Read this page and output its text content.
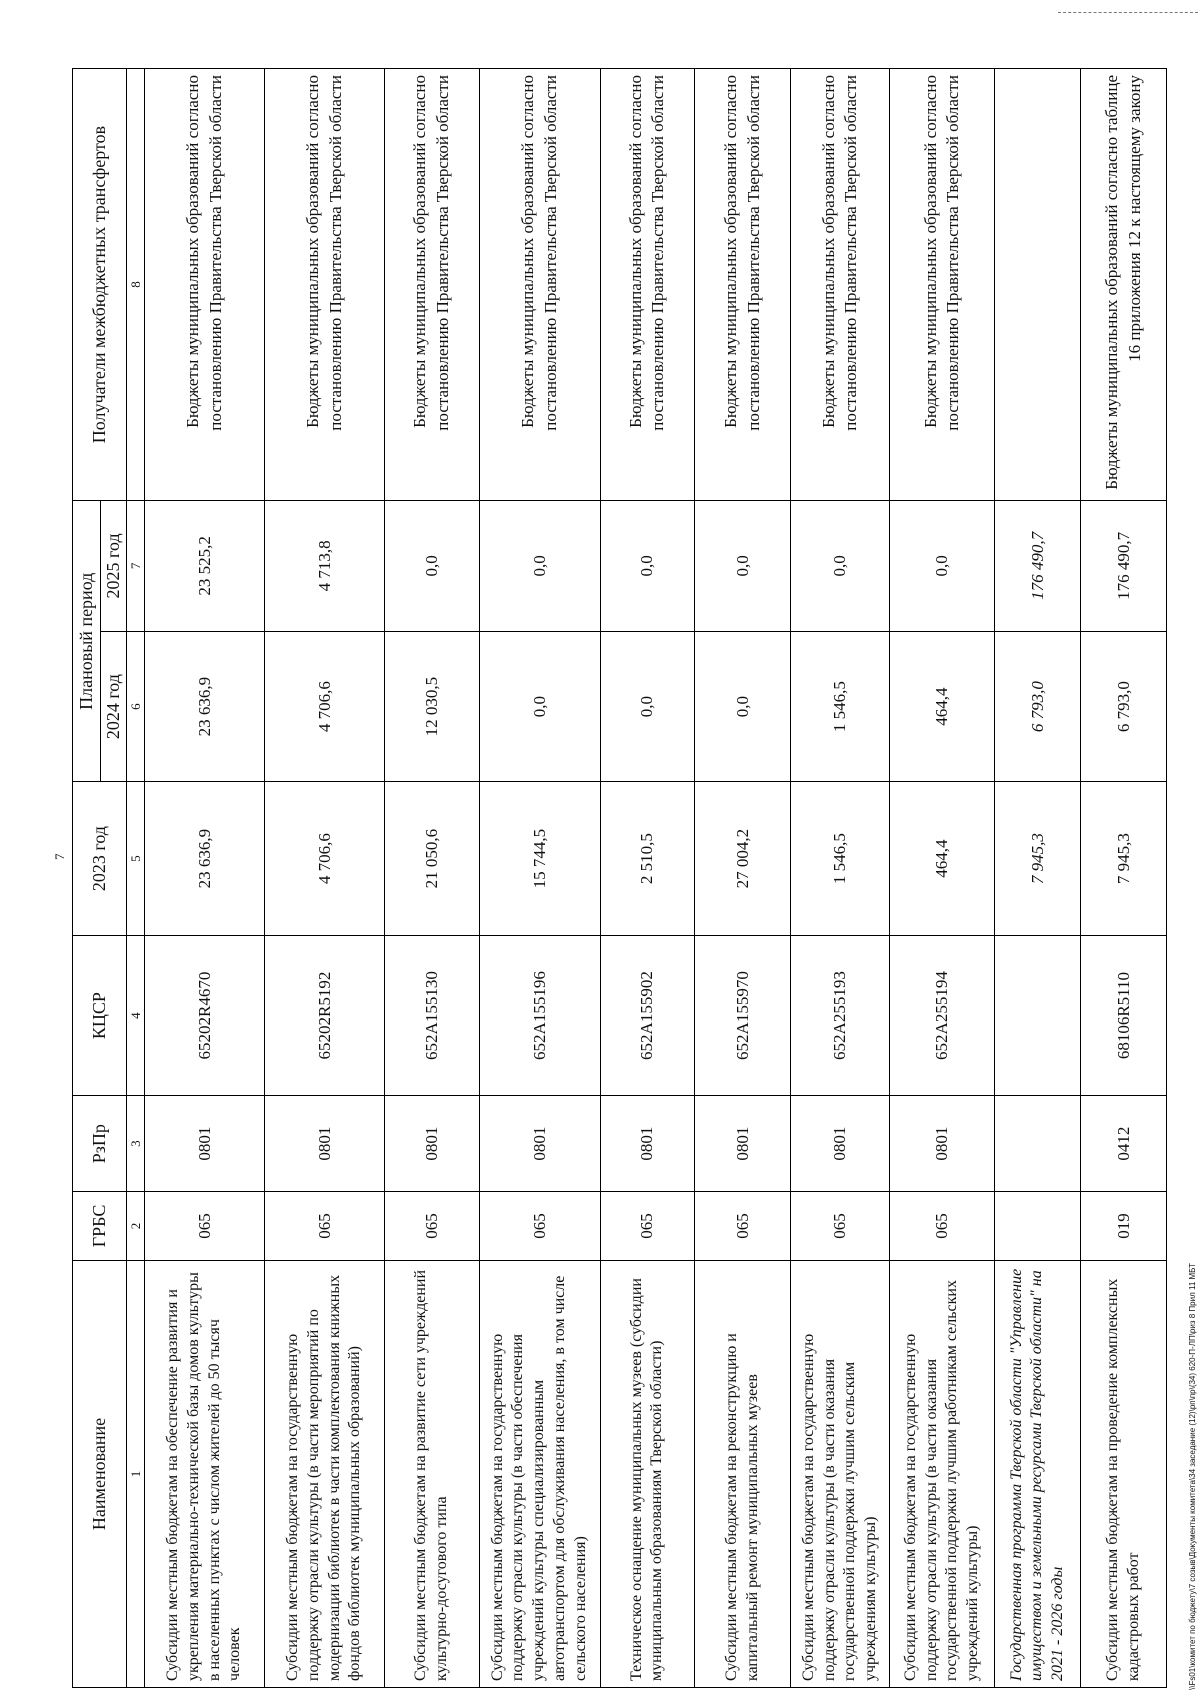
7
Наименование	ГРБС	РзПр	КЦСР	2023 год	Плановый период		Получатели межбюджетных трансфертов
					2024 год	2025 год	
1	2	3	4	5	6	7	8
Субсидии местным бюджетам на обеспечение развития и укрепления материально-технической базы домов культуры в населенных пунктах с числом жителей до 50 тысяч человек	065	0801	65202R4670	23 636,9	23 636,9	23 525,2	Бюджеты муниципальных образований согласно постановлению Правительства Тверской области
Субсидии местным бюджетам на государственную поддержку отрасли культуры (в части мероприятий по модернизации библиотек в части комплектования книжных фондов библиотек муниципальных образований)	065	0801	65202R5192	4 706,6	4 706,6	4 713,8	Бюджеты муниципальных образований согласно постановлению Правительства Тверской области
Субсидии местным бюджетам на развитие сети учреждений культурно-досугового типа	065	0801	652A155130	21 050,6	12 030,5	0,0	Бюджеты муниципальных образований согласно постановлению Правительства Тверской области
Субсидии местным бюджетам на государственную поддержку отрасли культуры (в части обеспечения учреждений культуры специализированным автотранспортом для обслуживания населения, в том числе сельского населения)	065	0801	652A155196	15 744,5	0,0	0,0	Бюджеты муниципальных образований согласно постановлению Правительства Тверской области
Техническое оснащение муниципальных музеев (субсидии муниципальным образованиям Тверской области)	065	0801	652A155902	2 510,5	0,0	0,0	Бюджеты муниципальных образований согласно постановлению Правительства Тверской области
Субсидии местным бюджетам на реконструкцию и капитальный ремонт муниципальных музеев	065	0801	652A155970	27 004,2	0,0	0,0	Бюджеты муниципальных образований согласно постановлению Правительства Тверской области
Субсидии местным бюджетам на государственную поддержку отрасли культуры (в части оказания государственной поддержки лучшим сельским учреждениям культуры)	065	0801	652A255193	1 546,5	1 546,5	0,0	Бюджеты муниципальных образований согласно постановлению Правительства Тверской области
Субсидии местным бюджетам на государственную поддержку отрасли культуры (в части оказания государственной поддержки лучшим работникам сельских учреждений культуры)	065	0801	652A255194	464,4	464,4	0,0	Бюджеты муниципальных образований согласно постановлению Правительства Тверской области
Государственная программа Тверской области "Управление имуществом и земельными ресурсами Тверской области" на 2021 - 2026 годы				7 945,3	6 793,0	176 490,7	
Субсидии местным бюджетам на проведение комплексных кадастровых работ	019	0412	68106R5110	7 945,3	6 793,0	176 490,7	Бюджеты муниципальных образований согласно таблице 16 приложения 12 к настоящему закону
\\Fs01\комитет по бюджету\7 созыв\Документы комитета\34 заседание (12)\рп\пр\(34) 620-П-ЛП\риз 8 Прил 11 МБТ
